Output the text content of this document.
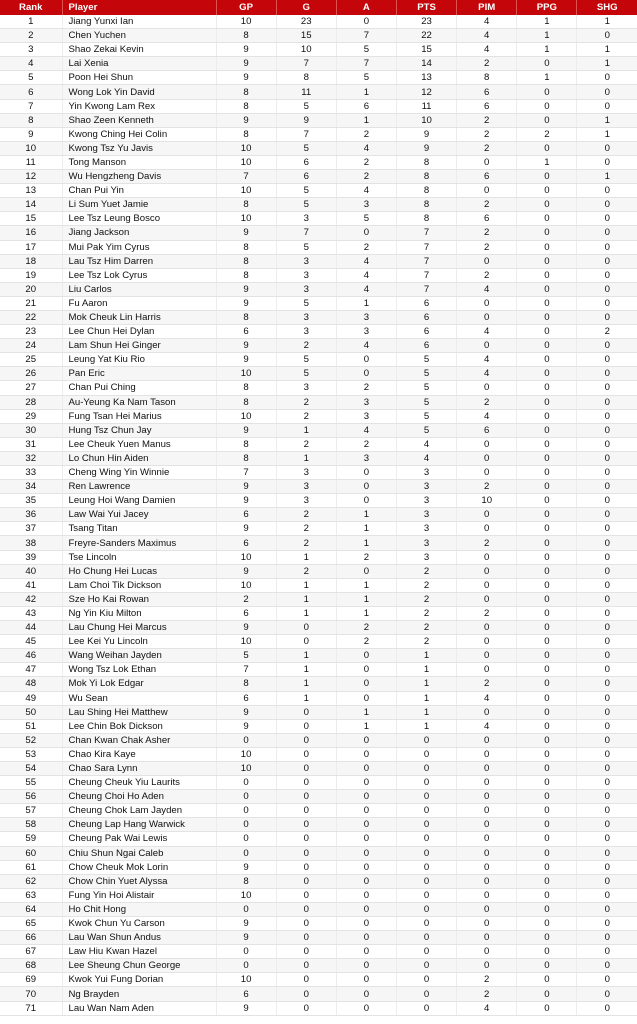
Rank	Player	GP	G	A	PTS	PIM	PPG	SHG
1	Jiang Yunxi Ian	10	23	0	23	4	1	1
2	Chen Yuchen	8	15	7	22	4	1	0
3	Shao Zekai Kevin	9	10	5	15	4	1	1
4	Lai Xenia	9	7	7	14	2	0	1
5	Poon Hei Shun	9	8	5	13	8	1	0
6	Wong Lok Yin David	8	11	1	12	6	0	0
7	Yin Kwong Lam Rex	8	5	6	11	6	0	0
8	Shao Zeen Kenneth	9	9	1	10	2	0	1
9	Kwong Ching Hei Colin	8	7	2	9	2	2	1
10	Kwong Tsz Yu Javis	10	5	4	9	2	0	0
11	Tong Manson	10	6	2	8	0	1	0
12	Wu Hengzheng Davis	7	6	2	8	6	0	1
13	Chan Pui Yin	10	5	4	8	0	0	0
14	Li Sum Yuet Jamie	8	5	3	8	2	0	0
15	Lee Tsz Leung Bosco	10	3	5	8	6	0	0
16	Jiang Jackson	9	7	0	7	2	0	0
17	Mui Pak Yim Cyrus	8	5	2	7	2	0	0
18	Lau Tsz Him Darren	8	3	4	7	0	0	0
19	Lee Tsz Lok Cyrus	8	3	4	7	2	0	0
20	Liu Carlos	9	3	4	7	4	0	0
21	Fu Aaron	9	5	1	6	0	0	0
22	Mok Cheuk Lin Harris	8	3	3	6	0	0	0
23	Lee Chun Hei Dylan	6	3	3	6	4	0	2
24	Lam Shun Hei Ginger	9	2	4	6	0	0	0
25	Leung Yat Kiu Rio	9	5	0	5	4	0	0
26	Pan Eric	10	5	0	5	4	0	0
27	Chan Pui Ching	8	3	2	5	0	0	0
28	Au-Yeung Ka Nam Tason	8	2	3	5	2	0	0
29	Fung Tsan Hei Marius	10	2	3	5	4	0	0
30	Hung Tsz Chun Jay	9	1	4	5	6	0	0
31	Lee Cheuk Yuen Manus	8	2	2	4	0	0	0
32	Lo Chun Hin Aiden	8	1	3	4	0	0	0
33	Cheng Wing Yin Winnie	7	3	0	3	0	0	0
34	Ren Lawrence	9	3	0	3	2	0	0
35	Leung Hoi Wang Damien	9	3	0	3	10	0	0
36	Law Wai Yui Jacey	6	2	1	3	0	0	0
37	Tsang Titan	9	2	1	3	0	0	0
38	Freyre-Sanders Maximus	6	2	1	3	2	0	0
39	Tse Lincoln	10	1	2	3	0	0	0
40	Ho Chung Hei Lucas	9	2	0	2	0	0	0
41	Lam Choi Tik Dickson	10	1	1	2	0	0	0
42	Sze Ho Kai Rowan	2	1	1	2	0	0	0
43	Ng Yin Kiu Milton	6	1	1	2	2	0	0
44	Lau Chung Hei Marcus	9	0	2	2	0	0	0
45	Lee Kei Yu Lincoln	10	0	2	2	0	0	0
46	Wang Weihan Jayden	5	1	0	1	0	0	0
47	Wong Tsz Lok Ethan	7	1	0	1	0	0	0
48	Mok Yi Lok Edgar	8	1	0	1	2	0	0
49	Wu Sean	6	1	0	1	4	0	0
50	Lau Shing Hei Matthew	9	0	1	1	0	0	0
51	Lee Chin Bok Dickson	9	0	1	1	4	0	0
52	Chan Kwan Chak Asher	0	0	0	0	0	0	0
53	Chao Kira Kaye	10	0	0	0	0	0	0
54	Chao Sara Lynn	10	0	0	0	0	0	0
55	Cheung Cheuk Yiu Laurits	0	0	0	0	0	0	0
56	Cheung Choi Ho Aden	0	0	0	0	0	0	0
57	Cheung Chok Lam Jayden	0	0	0	0	0	0	0
58	Cheung Lap Hang Warwick	0	0	0	0	0	0	0
59	Cheung Pak Wai Lewis	0	0	0	0	0	0	0
60	Chiu Shun Ngai Caleb	0	0	0	0	0	0	0
61	Chow Cheuk Mok Lorin	9	0	0	0	0	0	0
62	Chow Chin Yuet Alyssa	8	0	0	0	0	0	0
63	Fung Yin Hoi Alistair	10	0	0	0	0	0	0
64	Ho Chit Hong	0	0	0	0	0	0	0
65	Kwok Chun Yu Carson	9	0	0	0	0	0	0
66	Lau Wan Shun Andus	9	0	0	0	0	0	0
67	Law Hiu Kwan Hazel	0	0	0	0	0	0	0
68	Lee Sheung Chun George	0	0	0	0	0	0	0
69	Kwok Yui Fung Dorian	10	0	0	0	2	0	0
70	Ng Brayden	6	0	0	0	2	0	0
71	Lau Wan Nam Aden	9	0	0	0	4	0	0
